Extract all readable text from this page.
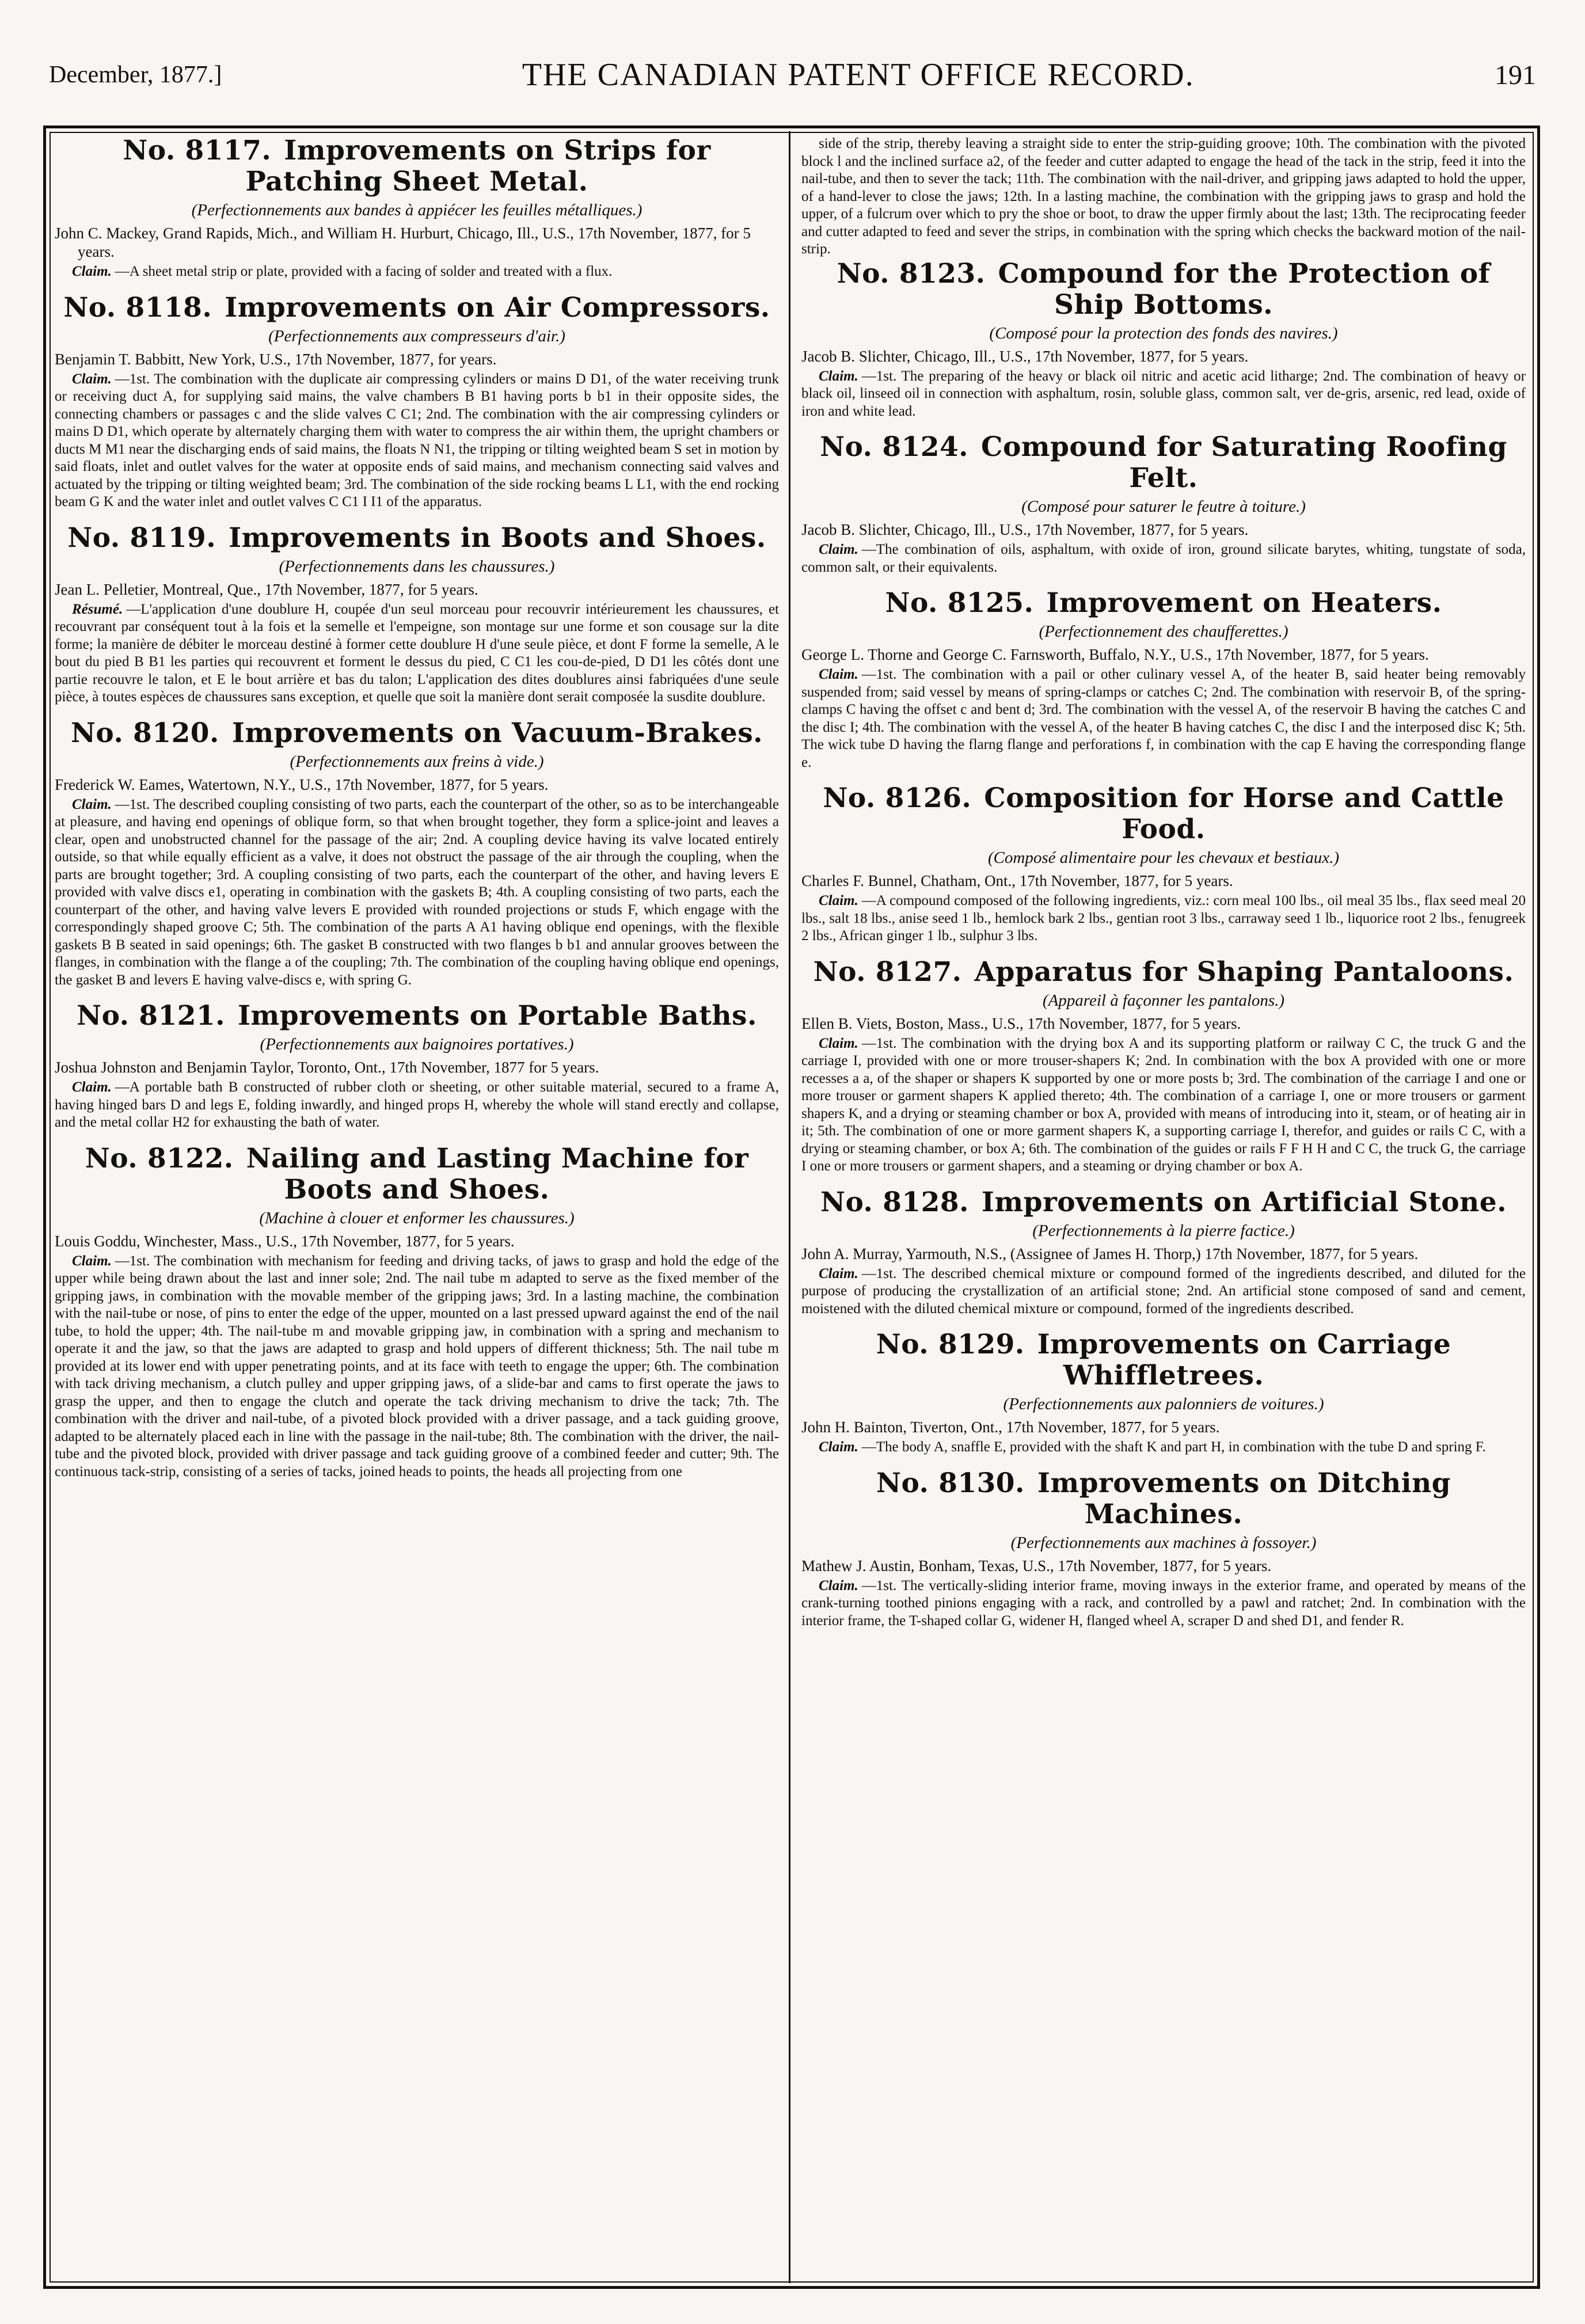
December, 1877.]	THE CANADIAN PATENT OFFICE RECORD.	191

No. 8117. Improvements on Strips for Patching Sheet Metal.

(Perfectionnements aux bandes à appiécer les feuilles métalliques.)

John C. Mackey, Grand Rapids, Mich., and William H. Hurburt, Chicago, Ill., U.S., 17th November, 1877, for 5 years.

Claim. —A sheet metal strip or plate, provided with a facing of solder and treated with a flux.

No. 8118. Improvements on Air Compressors.

(Perfectionnements aux compresseurs d'air.)

Benjamin T. Babbitt, New York, U.S., 17th November, 1877, for years.

Claim. —1st. The combination with the duplicate air compressing cylinders or mains D D1, of the water receiving trunk or receiving duct A, for supplying said mains, the valve chambers B B1 having ports b b1 in their opposite sides, the connecting chambers or passages c and the slide valves C C1; 2nd. The combination with the air compressing cylinders or mains D D1, which operate by alternately charging them with water to compress the air within them, the upright chambers or ducts M M1 near the discharging ends of said mains, the floats N N1, the tripping or tilting weighted beam S set in motion by said floats, inlet and outlet valves for the water at opposite ends of said mains, and mechanism connecting said valves and actuated by the tripping or tilting weighted beam; 3rd. The combination of the side rocking beams L L1, with the end rocking beam G K and the water inlet and outlet valves C C1 I I1 of the apparatus.

No. 8119. Improvements in Boots and Shoes.

(Perfectionnements dans les chaussures.)

Jean L. Pelletier, Montreal, Que., 17th November, 1877, for 5 years.

Résumé. —L'application d'une doublure H, coupée d'un seul morceau pour recouvrir intérieurement les chaussures, et recouvrant par conséquent tout à la fois et la semelle et l'empeigne, son montage sur une forme et son cousage sur la dite forme; la manière de débiter le morceau destiné à former cette doublure H d'une seule pièce, et dont F forme la semelle, A le bout du pied B B1 les parties qui recouvrent et forment le dessus du pied, C C1 les cou-de-pied, D D1 les côtés dont une partie recouvre le talon, et E le bout arrière et bas du talon; L'application des dites doublures ainsi fabriquées d'une seule pièce, à toutes espèces de chaussures sans exception, et quelle que soit la manière dont serait composée la susdite doublure.

No. 8120. Improvements on Vacuum-Brakes.

(Perfectionnements aux freins à vide.)

Frederick W. Eames, Watertown, N.Y., U.S., 17th November, 1877, for 5 years.

Claim. —1st. The described coupling consisting of two parts, each the counterpart of the other, so as to be interchangeable at pleasure, and having end openings of oblique form, so that when brought together, they form a splice-joint and leaves a clear, open and unobstructed channel for the passage of the air; 2nd. A coupling device having its valve located entirely outside, so that while equally efficient as a valve, it does not obstruct the passage of the air through the coupling, when the parts are brought together; 3rd. A coupling consisting of two parts, each the counterpart of the other, and having levers E provided with valve discs e1, operating in combination with the gaskets B; 4th. A coupling consisting of two parts, each the counterpart of the other, and having valve levers E provided with rounded projections or studs F, which engage with the correspondingly shaped groove C; 5th. The combination of the parts A A1 having oblique end openings, with the flexible gaskets B B seated in said openings; 6th. The gasket B constructed with two flanges b b1 and annular grooves between the flanges, in combination with the flange a of the coupling; 7th. The combination of the coupling having oblique end openings, the gasket B and levers E having valve-discs e, with spring G.

No. 8121. Improvements on Portable Baths.

(Perfectionnements aux baignoires portatives.)

Joshua Johnston and Benjamin Taylor, Toronto, Ont., 17th November, 1877 for 5 years.

Claim. —A portable bath B constructed of rubber cloth or sheeting, or other suitable material, secured to a frame A, having hinged bars D and legs E, folding inwardly, and hinged props H, whereby the whole will stand erectly and collapse, and the metal collar H2 for exhausting the bath of water.

No. 8122. Nailing and Lasting Machine for Boots and Shoes.

(Machine à clouer et enformer les chaussures.)

Louis Goddu, Winchester, Mass., U.S., 17th November, 1877, for 5 years.

Claim. —1st. The combination with mechanism for feeding and driving tacks, of jaws to grasp and hold the edge of the upper while being drawn about the last and inner sole; 2nd. The nail tube m adapted to serve as the fixed member of the gripping jaws, in combination with the movable member of the gripping jaws; 3rd. In a lasting machine, the combination with the nail-tube or nose, of pins to enter the edge of the upper, mounted on a last pressed upward against the end of the nail tube, to hold the upper; 4th. The nail-tube m and movable gripping jaw, in combination with a spring and mechanism to operate it and the jaw, so that the jaws are adapted to grasp and hold uppers of different thickness; 5th. The nail tube m provided at its lower end with upper penetrating points, and at its face with teeth to engage the upper; 6th. The combination with tack driving mechanism, a clutch pulley and upper gripping jaws, of a slide-bar and cams to first operate the jaws to grasp the upper, and then to engage the clutch and operate the tack driving mechanism to drive the tack; 7th. The combination with the driver and nail-tube, of a pivoted block provided with a driver passage, and a tack guiding groove, adapted to be alternately placed each in line with the passage in the nail-tube; 8th. The combination with the driver, the nail-tube and the pivoted block, provided with driver passage and tack guiding groove of a combined feeder and cutter; 9th. The continuous tack-strip, consisting of a series of tacks, joined heads to points, the heads all projecting from one

side of the strip, thereby leaving a straight side to enter the strip-guiding groove; 10th. The combination with the pivoted block l and the inclined surface a2, of the feeder and cutter adapted to engage the head of the tack in the strip, feed it into the nail-tube, and then to sever the tack; 11th. The combination with the nail-driver, and gripping jaws adapted to hold the upper, of a hand-lever to close the jaws; 12th. In a lasting machine, the combination with the gripping jaws to grasp and hold the upper, of a fulcrum over which to pry the shoe or boot, to draw the upper firmly about the last; 13th. The reciprocating feeder and cutter adapted to feed and sever the strips, in combination with the spring which checks the backward motion of the nail-strip.

No. 8123. Compound for the Protection of Ship Bottoms.

(Composé pour la protection des fonds des navires.)

Jacob B. Slichter, Chicago, Ill., U.S., 17th November, 1877, for 5 years.

Claim. —1st. The preparing of the heavy or black oil nitric and acetic acid litharge; 2nd. The combination of heavy or black oil, linseed oil in connection with asphaltum, rosin, soluble glass, common salt, ver de-gris, arsenic, red lead, oxide of iron and white lead.

No. 8124. Compound for Saturating Roofing Felt.

(Composé pour saturer le feutre à toiture.)

Jacob B. Slichter, Chicago, Ill., U.S., 17th November, 1877, for 5 years.

Claim. —The combination of oils, asphaltum, with oxide of iron, ground silicate barytes, whiting, tungstate of soda, common salt, or their equivalents.

No. 8125. Improvement on Heaters.

(Perfectionnement des chaufferettes.)

George L. Thorne and George C. Farnsworth, Buffalo, N.Y., U.S., 17th November, 1877, for 5 years.

Claim. —1st. The combination with a pail or other culinary vessel A, of the heater B, said heater being removably suspended from; said vessel by means of spring-clamps or catches C; 2nd. The combination with reservoir B, of the spring-clamps C having the offset c and bent d; 3rd. The combination with the vessel A, of the reservoir B having the catches C and the disc I; 4th. The combination with the vessel A, of the heater B having catches C, the disc I and the interposed disc K; 5th. The wick tube D having the flarng flange and perforations f, in combination with the cap E having the corresponding flange e.

No. 8126. Composition for Horse and Cattle Food.

(Composé alimentaire pour les chevaux et bestiaux.)

Charles F. Bunnel, Chatham, Ont., 17th November, 1877, for 5 years.

Claim. —A compound composed of the following ingredients, viz.: corn meal 100 lbs., oil meal 35 lbs., flax seed meal 20 lbs., salt 18 lbs., anise seed 1 lb., hemlock bark 2 lbs., gentian root 3 lbs., carraway seed 1 lb., liquorice root 2 lbs., fenugreek 2 lbs., African ginger 1 lb., sulphur 3 lbs.

No. 8127. Apparatus for Shaping Pantaloons.

(Appareil à façonner les pantalons.)

Ellen B. Viets, Boston, Mass., U.S., 17th November, 1877, for 5 years.

Claim. —1st. The combination with the drying box A and its supporting platform or railway C C, the truck G and the carriage I, provided with one or more trouser-shapers K; 2nd. In combination with the box A provided with one or more recesses a a, of the shaper or shapers K supported by one or more posts b; 3rd. The combination of the carriage I and one or more trouser or garment shapers K applied thereto; 4th. The combination of a carriage I, one or more trousers or garment shapers K, and a drying or steaming chamber or box A, provided with means of introducing into it, steam, or of heating air in it; 5th. The combination of one or more garment shapers K, a supporting carriage I, therefor, and guides or rails C C, with a drying or steaming chamber, or box A; 6th. The combination of the guides or rails F F H H and C C, the truck G, the carriage I one or more trousers or garment shapers, and a steaming or drying chamber or box A.

No. 8128. Improvements on Artificial Stone.

(Perfectionnements à la pierre factice.)

John A. Murray, Yarmouth, N.S., (Assignee of James H. Thorp,) 17th November, 1877, for 5 years.

Claim. —1st. The described chemical mixture or compound formed of the ingredients described, and diluted for the purpose of producing the crystallization of an artificial stone; 2nd. An artificial stone composed of sand and cement, moistened with the diluted chemical mixture or compound, formed of the ingredients described.

No. 8129. Improvements on Carriage Whiffletrees.

(Perfectionnements aux palonniers de voitures.)

John H. Bainton, Tiverton, Ont., 17th November, 1877, for 5 years.

Claim. —The body A, snaffle E, provided with the shaft K and part H, in combination with the tube D and spring F.

No. 8130. Improvements on Ditching Machines.

(Perfectionnements aux machines à fossoyer.)

Mathew J. Austin, Bonham, Texas, U.S., 17th November, 1877, for 5 years.

Claim. —1st. The vertically-sliding interior frame, moving inways in the exterior frame, and operated by means of the crank-turning toothed pinions engaging with a rack, and controlled by a pawl and ratchet; 2nd. In combination with the interior frame, the T-shaped collar G, widener H, flanged wheel A, scraper D and shed D1, and fender R.
